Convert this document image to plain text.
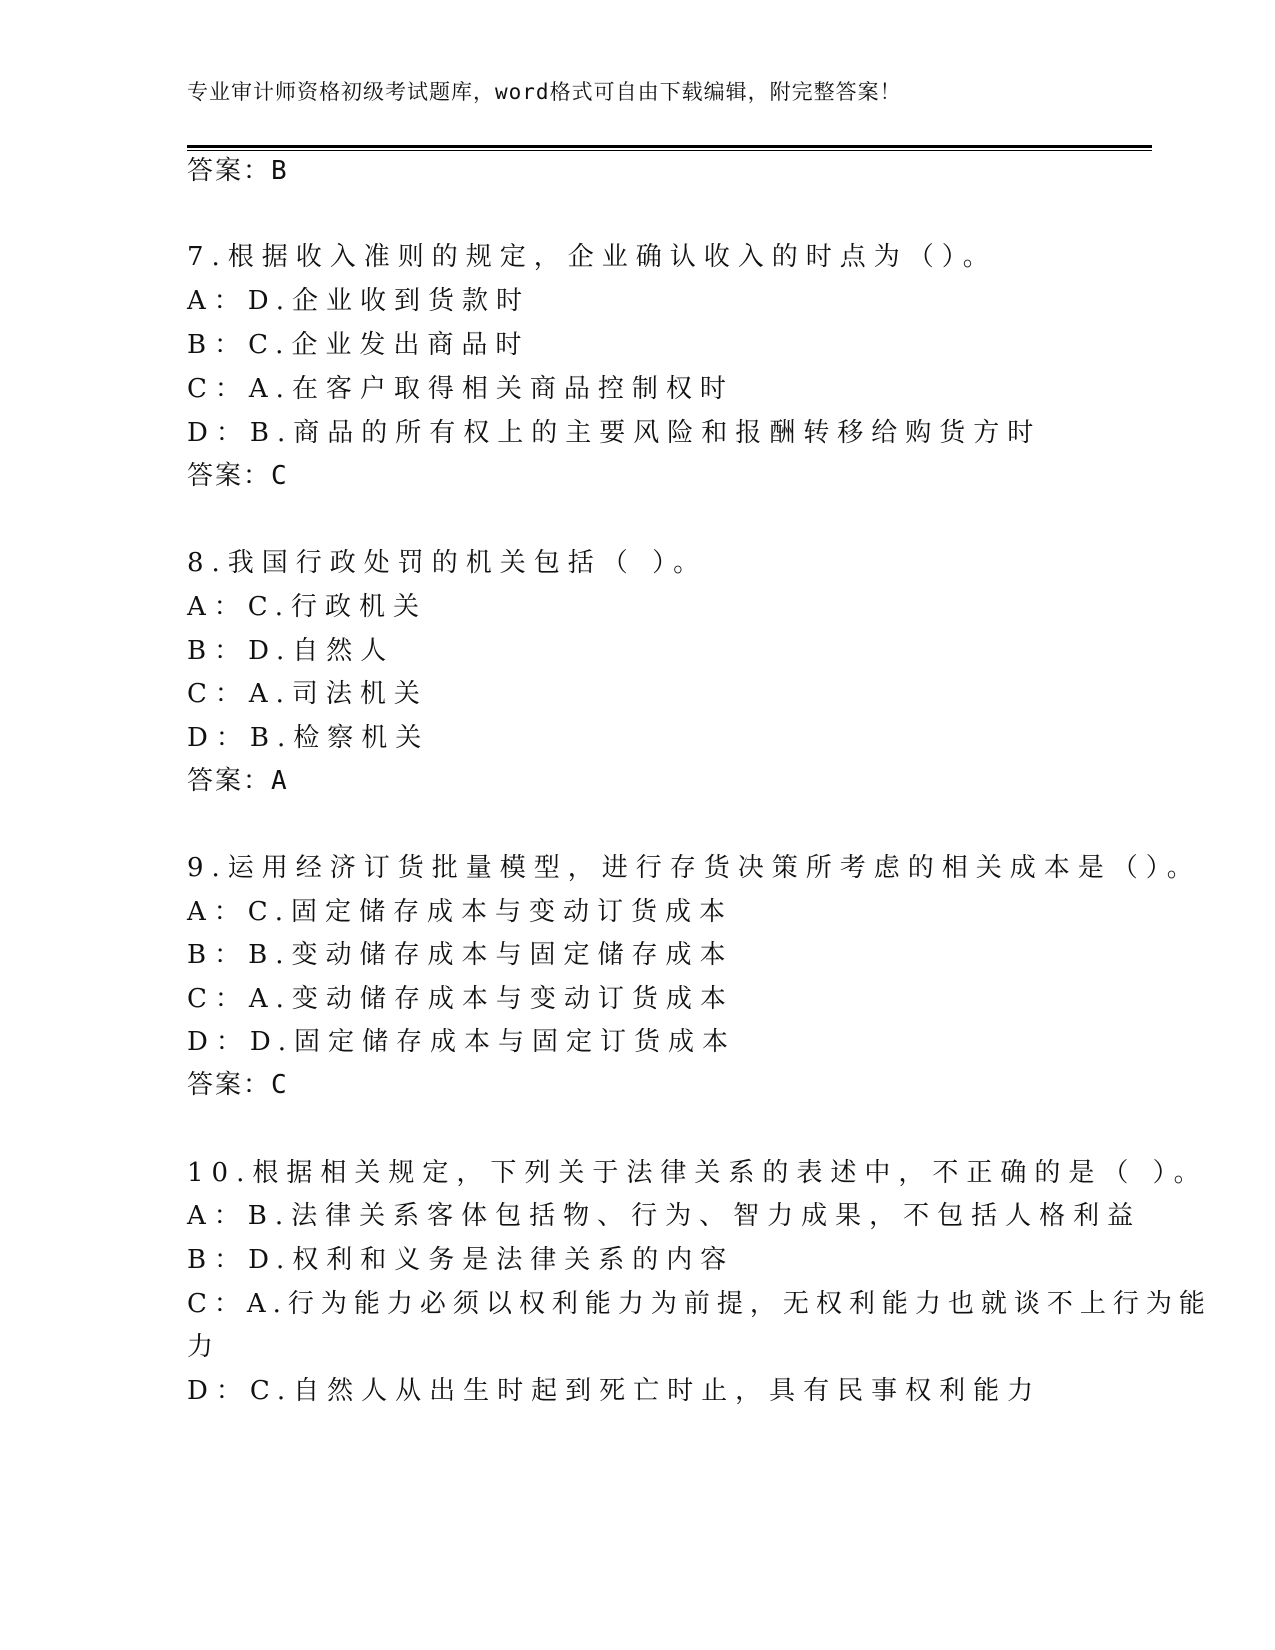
专业审计师资格初级考试题库，word格式可自由下载编辑，附完整答案！
答案：B
7.根据收入准则的规定，企业确认收入的时点为（）。
A：D.企业收到货款时
B：C.企业发出商品时
C：A.在客户取得相关商品控制权时
D：B.商品的所有权上的主要风险和报酬转移给购货方时
答案：C
8.我国行政处罚的机关包括（ ）。
A：C.行政机关
B：D.自然人
C：A.司法机关
D：B.检察机关
答案：A
9.运用经济订货批量模型，进行存货决策所考虑的相关成本是（）。
A：C.固定储存成本与变动订货成本
B：B.变动储存成本与固定储存成本
C：A.变动储存成本与变动订货成本
D：D.固定储存成本与固定订货成本
答案：C
10.根据相关规定，下列关于法律关系的表述中，不正确的是（ ）。
A：B.法律关系客体包括物、行为、智力成果，不包括人格利益
B：D.权利和义务是法律关系的内容
C：A.行为能力必须以权利能力为前提，无权利能力也就谈不上行为能
力
D：C.自然人从出生时起到死亡时止，具有民事权利能力
